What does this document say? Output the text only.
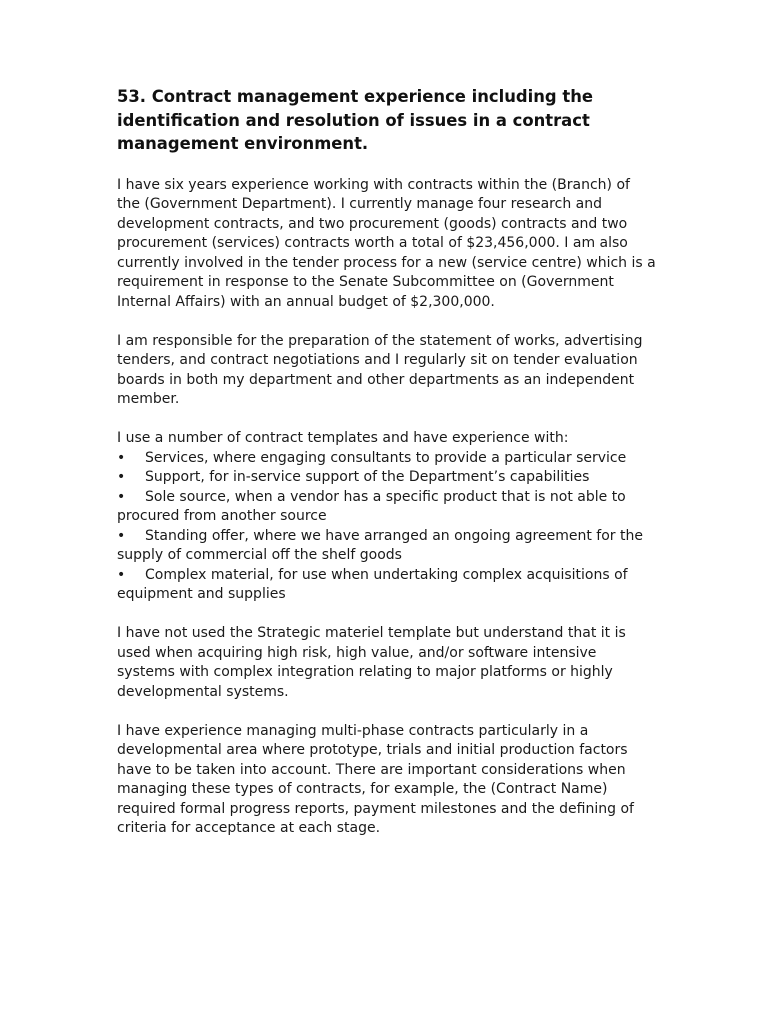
53. Contract management experience including the identification and resolution of issues in a contract management environment.

I have six years experience working with contracts within the (Branch) of the (Government Department). I currently manage four research and development contracts, and two procurement (goods) contracts and two procurement (services) contracts worth a total of $23,456,000. I am also currently involved in the tender process for a new (service centre) which is a requirement in response to the Senate Subcommittee on (Government Internal Affairs) with an annual budget of $2,300,000.

I am responsible for the preparation of the statement of works, advertising tenders, and contract negotiations and I regularly sit on tender evaluation boards in both my department and other departments as an independent member.

I use a number of contract templates and have experience with:

• Services, where engaging consultants to provide a particular service
• Support, for in-service support of the Department’s capabilities
• Sole source, when a vendor has a specific product that is not able to procured from another source
• Standing offer, where we have arranged an ongoing agreement for the supply of commercial off the shelf goods
• Complex material, for use when undertaking complex acquisitions of equipment and supplies

I have not used the Strategic materiel template but understand that it is used when acquiring high risk, high value, and/or software intensive systems with complex integration relating to major platforms or highly developmental systems.

I have experience managing multi-phase contracts particularly in a developmental area where prototype, trials and initial production factors have to be taken into account. There are important considerations when managing these types of contracts, for example, the (Contract Name) required formal progress reports, payment milestones and the defining of criteria for acceptance at each stage.
